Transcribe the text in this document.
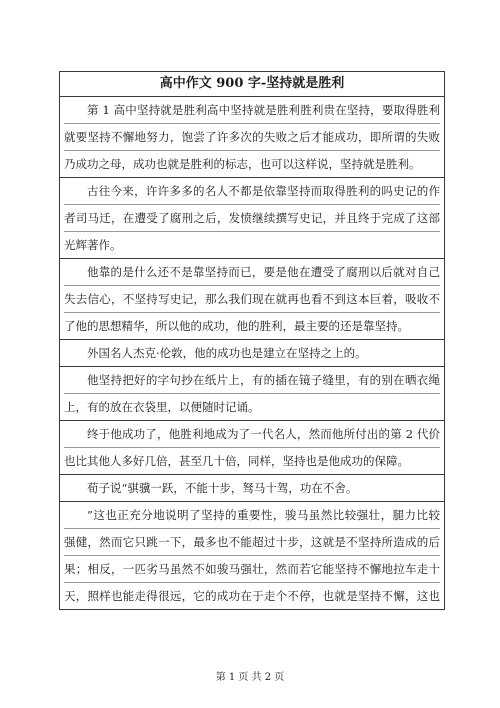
高中作文 900 字-坚持就是胜利
第 1 高中坚持就是胜利高中坚持就是胜利胜利贵在坚持，要取得胜利
就要坚持不懈地努力，饱尝了许多次的失败之后才能成功，即所谓的失败
乃成功之母，成功也就是胜利的标志，也可以这样说，坚持就是胜利。
古往今来，许许多多的名人不都是依靠坚持而取得胜利的吗史记的作
者司马迁，在遭受了腐刑之后，发愤继续撰写史记，并且终于完成了这部
光辉著作。
他靠的是什么还不是靠坚持而已，要是他在遭受了腐刑以后就对自己
失去信心，不坚持写史记，那么我们现在就再也看不到这本巨着，吸收不
了他的思想精华，所以他的成功，他的胜利，最主要的还是靠坚持。
外国名人杰克·伦敦，他的成功也是建立在坚持之上的。
他坚持把好的字句抄在纸片上，有的插在镜子缝里，有的别在晒衣绳
上，有的放在衣袋里，以便随时记诵。
终于他成功了，他胜利地成为了一代名人，然而他所付出的第 2 代价
也比其他人多好几倍，甚至几十倍，同样，坚持也是他成功的保障。
荀子说“骐骥一跃，不能十步，驽马十驾，功在不舍。
”这也正充分地说明了坚持的重要性，骏马虽然比较强壮，腿力比较
强健，然而它只跳一下，最多也不能超过十步，这就是不坚持所造成的后
果；相反，一匹劣马虽然不如骏马强壮，然而若它能坚持不懈地拉车走十
天，照样也能走得很远，它的成功在于走个不停，也就是坚持不懈，这也
第 1 页 共 2 页
